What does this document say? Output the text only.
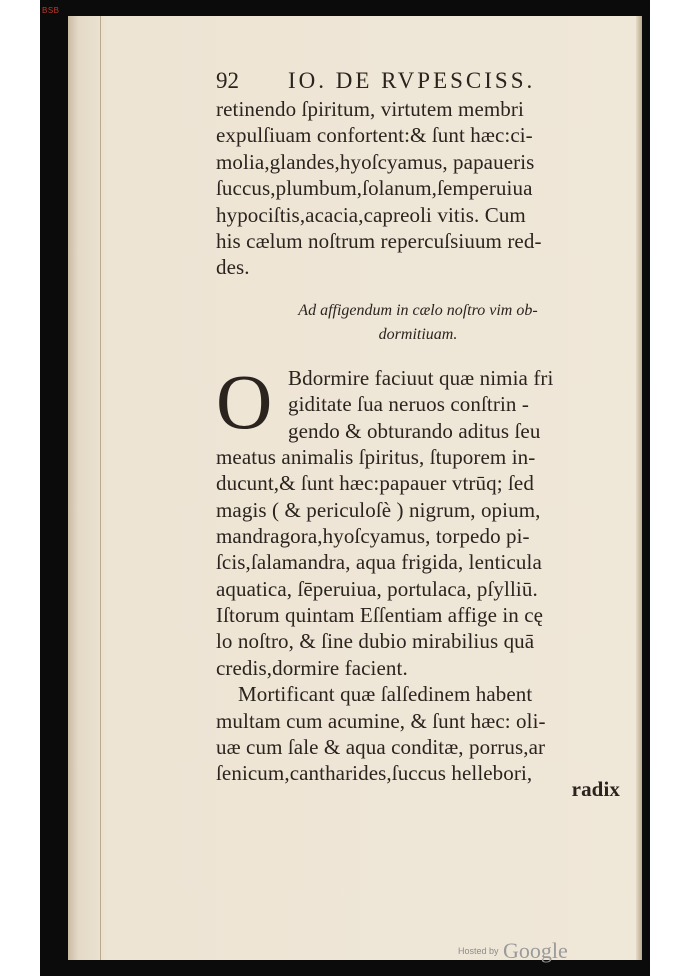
BSB
92 IO. DE RVPESCISS.
retinendo ſpiritum, virtutem membri
expulſiuam confortent:& ſunt hæc:ci-
molia,glandes,hyoſcyamus, papaueris
ſuccus,plumbum,ſolanum,ſemperuiua
hypociſtis,acacia,capreoli vitis. Cum
his cælum noſtrum repercuſsiuum red-
des.
Ad affigendum in cælo noſtro vim ob-
dormitiuam.
O Bdormire faciuut quæ nimia fri
giditate ſua neruos conſtrin -
gendo & obturando aditus ſeu
meatus animalis ſpiritus, ſtuporem in-
ducunt,& ſunt hæc:papauer vtrūq; ſed
magis ( & periculoſè ) nigrum, opium,
mandragora,hyoſcyamus, torpedo pi-
ſcis,ſalamandra, aqua frigida, lenticula
aquatica, ſēperuiua, portulaca, pſylliū.
Iſtorum quintam Eſſentiam affige in cę
lo noſtro, & ſine dubio mirabilius quā
credis,dormire facient.
Mortificant quæ ſalſedinem habent
multam cum acumine, & ſunt hæc: oli-
uæ cum ſale & aqua conditæ, porrus,ar
ſenicum,cantharides,ſuccus hellebori,
radix
Hosted by Google
